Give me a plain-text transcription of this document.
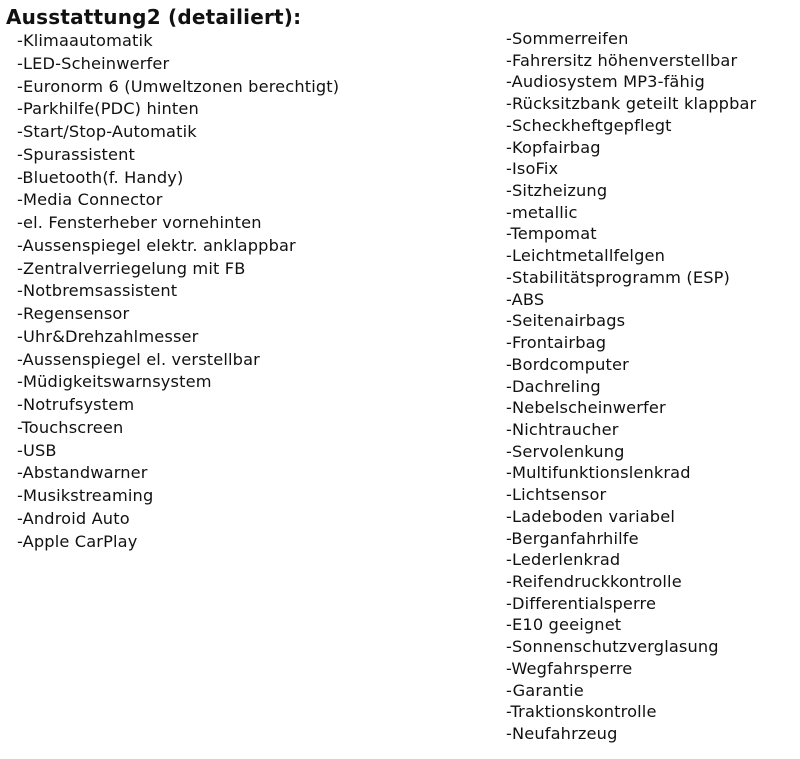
Ausstattung2 (detailiert):
-Klimaautomatik
-LED-Scheinwerfer
-Euronorm 6 (Umweltzonen berechtigt)
-Parkhilfe(PDC) hinten
-Start/Stop-Automatik
-Spurassistent
-Bluetooth(f. Handy)
-Media Connector
-el. Fensterheber vornehinten
-Aussenspiegel elektr. anklappbar
-Zentralverriegelung mit FB
-Notbremsassistent
-Regensensor
-Uhr&Drehzahlmesser
-Aussenspiegel el. verstellbar
-Müdigkeitswarnsystem
-Notrufsystem
-Touchscreen
-USB
-Abstandwarner
-Musikstreaming
-Android Auto
-Apple CarPlay
-Sommerreifen
-Fahrersitz höhenverstellbar
-Audiosystem MP3-fähig
-Rücksitzbank geteilt klappbar
-Scheckheftgepflegt
-Kopfairbag
-IsoFix
-Sitzheizung
-metallic
-Tempomat
-Leichtmetallfelgen
-Stabilitätsprogramm (ESP)
-ABS
-Seitenairbags
-Frontairbag
-Bordcomputer
-Dachreling
-Nebelscheinwerfer
-Nichtraucher
-Servolenkung
-Multifunktionslenkrad
-Lichtsensor
-Ladeboden variabel
-Berganfahrhilfe
-Lederlenkrad
-Reifendruckkontrolle
-Differentialsperre
-E10 geeignet
-Sonnenschutzverglasung
-Wegfahrsperre
-Garantie
-Traktionskontrolle
-Neufahrzeug
